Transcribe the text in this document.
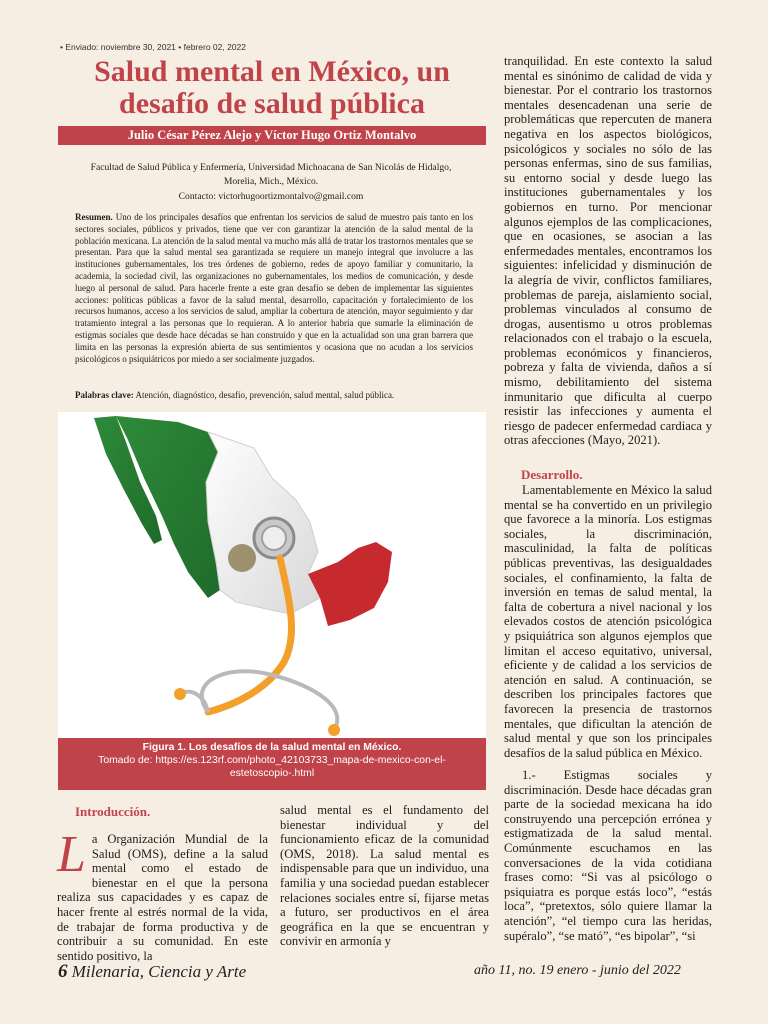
• Enviado: noviembre 30, 2021 • febrero 02, 2022
Salud mental en México, un
desafío de salud pública
Julio César Pérez Alejo y Víctor Hugo Ortiz Montalvo
Facultad de Salud Pública y Enfermería, Universidad Michoacana de San Nicolás de Hidalgo,
Morelia, Mich., México.
Contacto: victorhugoortizmontalvo@gmail.com
Resumen. Uno de los principales desafíos que enfrentan los servicios de salud de muestro país tanto en los sectores sociales, públicos y privados, tiene que ver con garantizar la atención de la salud mental de la población mexicana. La atención de la salud mental va mucho más allá de tratar los trastornos mentales que se presentan. Para que la salud mental sea garantizada se requiere un manejo integral que involucre a las instituciones gubernamentales, los tres órdenes de gobierno, redes de apoyo familiar y comunitario, la academia, la sociedad civil, las organizaciones no gubernamentales, los medios de comunicación, y desde luego al personal de salud. Para hacerle frente a este gran desafío se deben de implementar las siguientes acciones: políticas públicas a favor de la salud mental, desarrollo, capacitación y fortalecimiento de los recursos humanos, acceso a los servicios de salud, ampliar la cobertura de atención, mayor seguimiento y dar tratamiento integral a las personas que lo requieran. A lo anterior habría que sumarle la eliminación de estigmas sociales que desde hace décadas se han construido y que en la actualidad son una gran barrera que limita en las personas la expresión abierta de sus sentimientos y ocasiona que no acudan a los servicios psicológicos o psiquiátricos por miedo a ser socialmente juzgados.
Palabras clave: Atención, diagnóstico, desafío, prevención, salud mental, salud pública.
Figura 1. Los desafíos de la salud mental en México.
Tomado de: https://es.123rf.com/photo_42103733_mapa-de-mexico-con-el-estetoscopio-.html
Introducción.
La Organización Mundial de la Salud (OMS), define a la salud mental como el estado de bienestar en el que la persona realiza sus capacidades y es capaz de hacer frente al estrés normal de la vida, de trabajar de forma productiva y de contribuir a su comunidad. En este sentido positivo, la
salud mental es el fundamento del bienestar individual y del funcionamiento eficaz de la comunidad (OMS, 2018). La salud mental es indispensable para que un individuo, una familia y una sociedad puedan establecer relaciones sociales entre sí, fijarse metas a futuro, ser productivos en el área geográfica en la que se encuentran y convivir en armonía y
tranquilidad. En este contexto la salud mental es sinónimo de calidad de vida y bienestar. Por el contrario los trastornos mentales desencadenan una serie de problemáticas que repercuten de manera negativa en los aspectos biológicos, psicológicos y sociales no sólo de las personas enfermas, sino de sus familias, su entorno social y desde luego las instituciones gubernamentales y los gobiernos en turno. Por mencionar algunos ejemplos de las complicaciones, que en ocasiones, se asocian a las enfermedades mentales, encontramos los siguientes: infelicidad y disminución de la alegría de vivir, conflictos familiares, problemas de pareja, aislamiento social, problemas vinculados al consumo de drogas, ausentismo u otros problemas relacionados con el trabajo o la escuela, problemas económicos y financieros, pobreza y falta de vivienda, daños a sí mismo, debilitamiento del sistema inmunitario que dificulta al cuerpo resistir las infecciones y aumenta el riesgo de padecer enfermedad cardiaca y otras afecciones (Mayo, 2021).
Desarrollo.
Lamentablemente en México la salud mental se ha convertido en un privilegio que favorece a la minoría. Los estigmas sociales, la discriminación, masculinidad, la falta de políticas públicas preventivas, las desigualdades sociales, el confinamiento, la falta de inversión en temas de salud mental, la falta de cobertura a nivel nacional y los elevados costos de atención psicológica y psiquiátrica son algunos ejemplos que limitan el acceso equitativo, universal, eficiente y de calidad a los servicios de atención en salud. A continuación, se describen los principales factores que favorecen la presencia de trastornos mentales, que dificultan la atención de salud mental y que son los principales desafíos de la salud pública en México.
1.- Estigmas sociales y discriminación. Desde hace décadas gran parte de la sociedad mexicana ha ido construyendo una percepción errónea y estigmatizada de la salud mental. Comúnmente escuchamos en las conversaciones de la vida cotidiana frases como: “Si vas al psicólogo o psiquiatra es porque estás loco”, “estás loca”, “pretextos, sólo quiere llamar la atención”, “el tiempo cura las heridas, supéralo”, “se mató”, “es bipolar”, “si
6 Milenaria, Ciencia y Arte	año 11, no. 19 enero - junio del 2022
